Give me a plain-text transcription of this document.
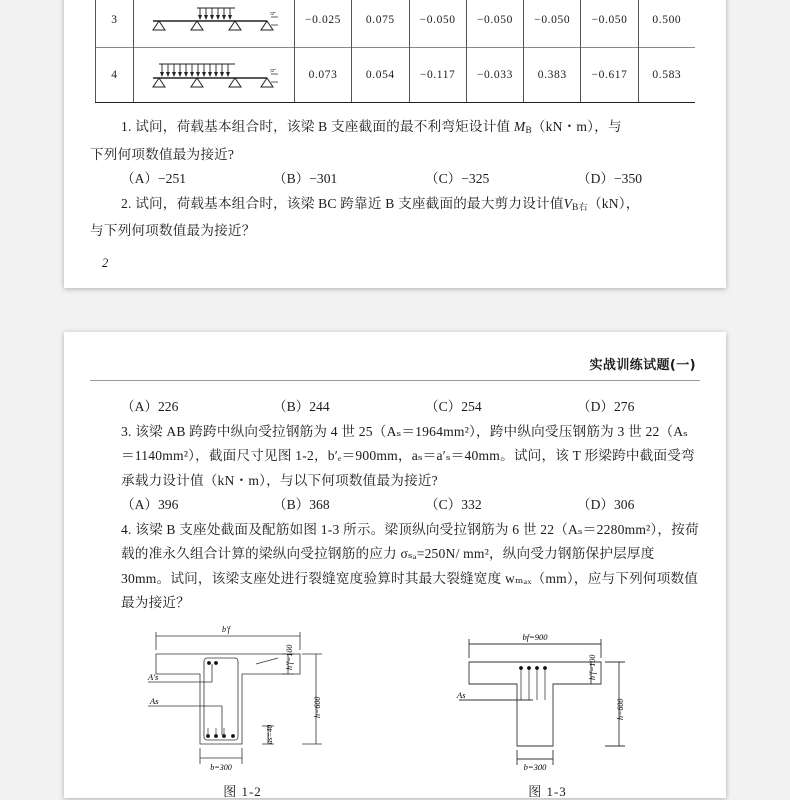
3	q	−0.025	0.075	−0.050	−0.050	−0.050	−0.050	0.500
4	q	0.073	0.054	−0.117	−0.033	0.383	−0.617	0.583
1. 试问，荷载基本组合时，该梁 B 支座截面的最不利弯矩设计值 $M_B(kN$・m），与
下列何项数值最为接近?
（A）−251	（B）−301	（C）−325	（D）−350
2. 试问，荷载基本组合时，该梁 BC 跨靠近 B 支座截面的最大剪力设计值$V_{B右}(kN)$，
与下列何项数值最为接近？
2
实战训练试题(一)
（A）226	（B）244	（C）254	（D）276
3. 该梁 AB 跨跨中纵向受拉钢筋为 4 世 25（Aₛ＝1964mm²），跨中纵向受压钢筋为 3 世 22（Aₛ＝1140mm²），截面尺寸见图 1-2，b′ₑ＝900mm，aₛ＝a′ₛ＝40mm。试问，该 T 形梁跨中截面受弯承载力设计值（kN・m），与以下何项数值最为接近?
（A）396	（B）368	（C）332	（D）306
4. 该梁 B 支座处截面及配筋如图 1-3 所示。梁顶纵向受拉钢筋为 6 世 22（Aₛ＝2280mm²），按荷载的准永久组合计算的梁纵向受拉钢筋的应力 σₛₐ=250N/ mm²，纵向受力钢筋保护层厚度 30mm。试问，该梁支座处进行裂缝宽度验算时其最大裂缝宽度 wₘₐₓ（mm），应与下列何项数值最为接近？
b′f
b=300
h′f=100
h=600
as=40
A′s
As
图 1-2
bf=900
b=300
h′f=100
h=600
As
图 1-3
